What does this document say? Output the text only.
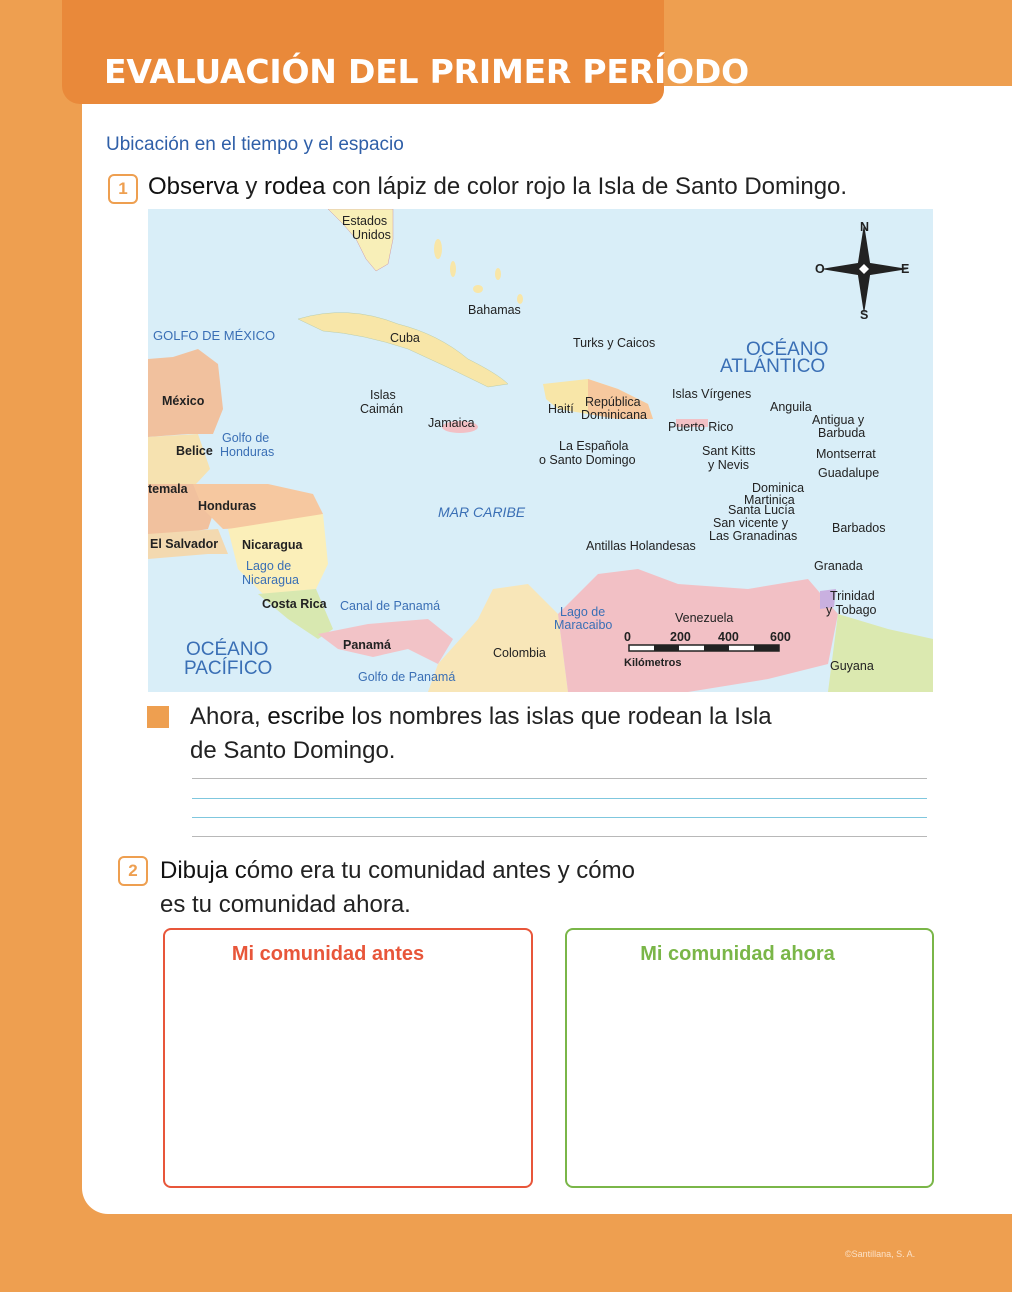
EVALUACIÓN DEL PRIMER PERÍODO
Ubicación en el tiempo y el espacio
1 Observa y rodea con lápiz de color rojo la Isla de Santo Domingo.
N
S
E
O
0	200 400 600
Kilómetros
Estados
Unidos
Bahamas
GOLFO DE MÉXICO	Cuba	Turks y Caicos	OCÉANO
ATLÁNTICO
México	Islas
Caimán	Haití República
Dominicana
Islas Vírgenes
Anguila
Antigua y
Barbuda
Jamaica	Puerto Rico
Golfo de
Honduras
Belice	La Española
o Santo Domingo
Sant Kitts
y Nevis
Montserrat
Guadalupe
temala	Dominica
Martinica
Santa Lucía
San vicente y
Las Granadinas
Honduras	MAR CARIBE
Barbados
El Salvador Nicaragua	Antillas Holandesas
Lago de
Nicaragua
Granada
Costa Rica Canal de Panamá	Lago de
Maracaibo	Venezuela
Trinidad
y Tobago
OCÉANO
PACÍFICO
Panamá
Colombia
Guyana
Golfo de Panamá
Ahora, escribe los nombres las islas que rodean la Isla
de Santo Domingo.
2 Dibuja cómo era tu comunidad antes y cómo
es tu comunidad ahora.
Mi comunidad antes	Mi comunidad ahora
©Santillana, S. A.
